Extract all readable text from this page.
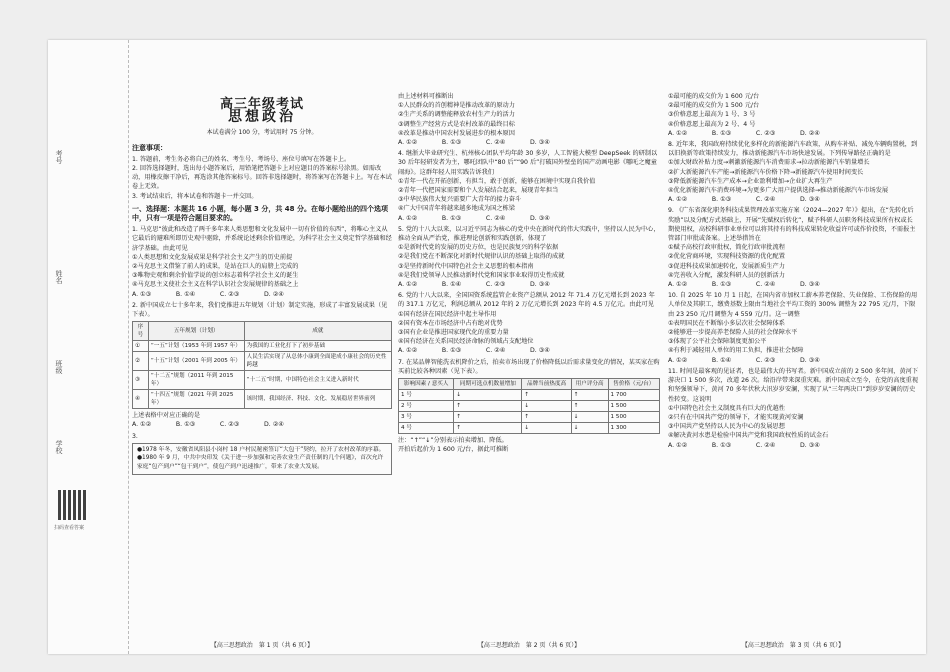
考号
姓名
班级
学校
扫码查看答案
高三年级考试
思想政治
本试卷满分 100 分，考试用时 75 分钟。
注意事项：

1. 答题前，考生务必将自己的姓名、考生号、考场号、座位号填写在答题卡上。

2. 回答选择题时，选出每小题答案后，用铅笔把答题卡上对应题目的答案标号涂黑。如需改动，用橡皮擦干净后，再选涂其他答案标号。回答非选择题时，将答案写在答题卡上。写在本试卷上无效。

3. 考试结束后，将本试卷和答题卡一并交回。

一、选择题：本题共 16 小题，每小题 3 分，共 48 分。在每小题给出的四个选项中，只有一项是符合题目要求的。

1. 马克思“彼此和改造了两千多年来人类思想和文化发展中一切有价值的东西”，将唯心主义从它最后的避难所即历史观中驱除，并系统论述剩余价值理论，为科学社会主义奠定哲学基础和经济学基础。由此可见

①人类思想和文化发展成果是科学社会主义产生的历史前提

②马克思主义借鉴了前人的成果，是站在巨人的肩膀上完成的

③唯物史观和剩余价值学说的创立标志着科学社会主义的诞生

④马克思主义使社会主义在科学认识社会发展规律的基础之上

A. ①③　　　　B. ①④　　　　C. ②③　　　　D. ②④

2. 新中国成立七十多年来，我们党推进五年规划（计划）制定实施，形成了丰富发展成果（见下表）。

序号	五年规划（计划）	成就
①	“一五”计划（1953 年到 1957 年）	为我国的工业化打下了初步基础
②	“十五”计划（2001 年到 2005 年）	人民生活实现了从总体小康到全面建成小康社会的历史性跨越
③	“十二五”规划（2011 年到 2015 年）	“十二五”时期，中国特色社会主义进入新时代
④	“十四五”规划（2021 年到 2025 年）	该时期，我国经济、科技、文化、发展稳居世界前列

上述表格中对应正确的是

A. ①②　　　　B. ①③　　　　C. ②③　　　　D. ②④

3.

●1978 年冬，安徽省凤阳县小岗村 18 户村民秘密签订“大包干”契约，拉开了农村改革的序幕。

●1980 年 9 月，中共中央印发《关于进一步加强和完善农业生产责任制的几个问题》，首次允许家庭“包产到户”“包干到户”，使包产到户迅速推广，带来了农业大发展。

【高三思想政治　第 1 页（共 6 页）】

由上述材料可推断出

①人民群众的首创精神是推动改革的原动力

②生产关系的调整能释放农村生产力的活力

③调整生产经营方式是农村改革的最终目标

④改革是推动中国农村发展进步的根本原因

A. ①②　　　　B. ①③　　　　C. ②④　　　　D. ③④

4. 继浙大毕业研究生、杭州核心团队平均年龄 30 多岁，人工智能大模型 DeepSeek 的研制以 30 后年轻研发者为主，哪吒团队中“80 后”“90 后”打破国外壁垒的国产动画电影《哪吒之魔童闹海》。这群年轻人用实践告诉我们

①青年一代在开拓创新，有担当，敢于创新，能够在困境中实现自我价值

②青年一代把国家需要和个人发展结合起来，展现青年担当

③中华民族伟大复兴需要广大青年的接力奋斗

④广大中国青年将越来越多地成为国之栋梁

A. ①②　　　　B. ①③　　　　C. ②④　　　　D. ③④

5. 党的十八大以来，以习近平同志为核心的党中央在新时代的伟大实践中，坚持以人民为中心，推动全面从严治党，推进理论创新和实践创新，体现了

①是新时代党的发展的历史方位，也是民族复兴的科学依据

②是我们党在不断深化对新时代规律认识的基础上取得的成就

③是坚持新时代中国特色社会主义思想的根本指南

④是我们党领导人民推动新时代党和国家事业取得历史性成就

A. ①②　　　　B. ①④　　　　C. ②③　　　　D. ③④

6. 党的十八大以来，全国国资系统监管企业资产总额从 2012 年 71.4 万亿元增长到 2023 年的 317.1 万亿元，利润总额从 2012 年的 2 万亿元增长到 2023 年的 4.5 万亿元。由此可见

①国有经济在国民经济中起主导作用

②国有资本在市场经济中占有绝对优势

③国有企业是推进国家现代化的重要力量

④国有经济在关系国民经济命脉的领域占支配地位

A. ①②　　　　B. ①③　　　　C. ②④　　　　D. ③④

7. 在某品牌智能洗衣机降价之后，拍卖市场出现了价格降低以后需求量变化的情况，某买家在购买前比较各种因素（见下表）。

影响因素 / 意买人	同期可选点机数量增加	品牌当前热度高	用户评分高	售价格（元/台）
1 号	↓	↑	↑	1 700
2 号	↑	↓	↑	1 500
3 号	↑	↑	↓	1 500
4 号	↑	↓	↓	1 300

注：“↑”“↓”分别表示拍卖增加、降低。

开拍后起价为 1 600 元/台，据此可推断

【高三思想政治　第 2 页（共 6 页）】

①最可能的成交价为 1 600 元/台

②最可能的成交价为 1 500 元/台

③价格意愿上最高为 1 号、3 号

④价格意愿上最高为 2 号、4 号

A. ①②　　　　B. ①③　　　　C. ②③　　　　D. ②④

8. 近年来，我国政府持续优化多样化的新能源汽车政策，从购车补贴、减免车辆购置税，到以旧换新等政策持续发力，推动新能源汽车市场快速发展。下列传导路径正确的是

①加大财政补贴力度→刺激新能源汽车消费需求→拉动新能源汽车销量增长

②扩大新能源汽车产能→新能源汽车价格下降→新能源汽车使用时间变长

③降低新能源汽车生产成本→企业盈利增加→企业扩大再生产

④优化新能源汽车消费环境→为更多广大用户提供选择→推动新能源汽车市场发展

A. ①②　　　　B. ①③　　　　C. ②④　　　　D. ③④

9. 《广东省深化职务科技成果管理改革实施方案（2024—2027 年）》提出，在“先转化后奖励”以及分配方式基础上，开展“先赋权后转化”，赋予科研人员职务科技成果所有权或长期使用权，高校科研事业单位可以将其持有的科技成果转化收益许可或作价投资，不需报主管部门审批或备案。上述举措旨在

①赋予高校行政审批权，简化行政审批流程

②优化营商环境，实现科技资源的优化配置

③促进科技成果加速转化，发展新质生产力

④完善收入分配，激发科研人员的创新活力

A. ①②　　　　B. ①③　　　　C. ②④　　　　D. ③④

10. 自 2025 年 10 月 1 日起，在国内省市加权工薪本养老保险、失业保险、工伤保险的用人单位及其职工，缴费基数上限由当地社会平均工资的 300% 调整为 22 795 元/月，下限由 23 250 元/月调整为 4 559 元/月。这一调整

①表明国民在不断缩小多层次社会保障体系

②能够进一步提高养老保险人员的社会保障水平

③体现了公平社会保障制度更加公平

④有利于减轻用人单位的用工负担，推进社会保障

A. ①②　　　　B. ①④　　　　C. ②③　　　　D. ③④

11. 时间是最客观的见证者，也是最伟大的书写者。新中国成立前的 2 500 多年间，黄河下游决口 1 500 多次，改道 26 次。给沿岸带来深重灾难。新中国成立至今，在党的高度重视和坚强领导下，黄河 70 多年伏秋大汛岁岁安澜，实现了从“三年两决口”到岁岁安澜的历史性转变。这说明

①中国特色社会主义制度具有巨大的优越性

②只有在中国共产党的领导下，才能实现黄河安澜

③中国共产党坚持以人民为中心的发展思想

④解决黄河水患是检验中国共产党和我国政权性质的试金石

A. ①②　　　　B. ①③　　　　C. ②④　　　　D. ③④

【高三思想政治　第 3 页（共 6 页）】
